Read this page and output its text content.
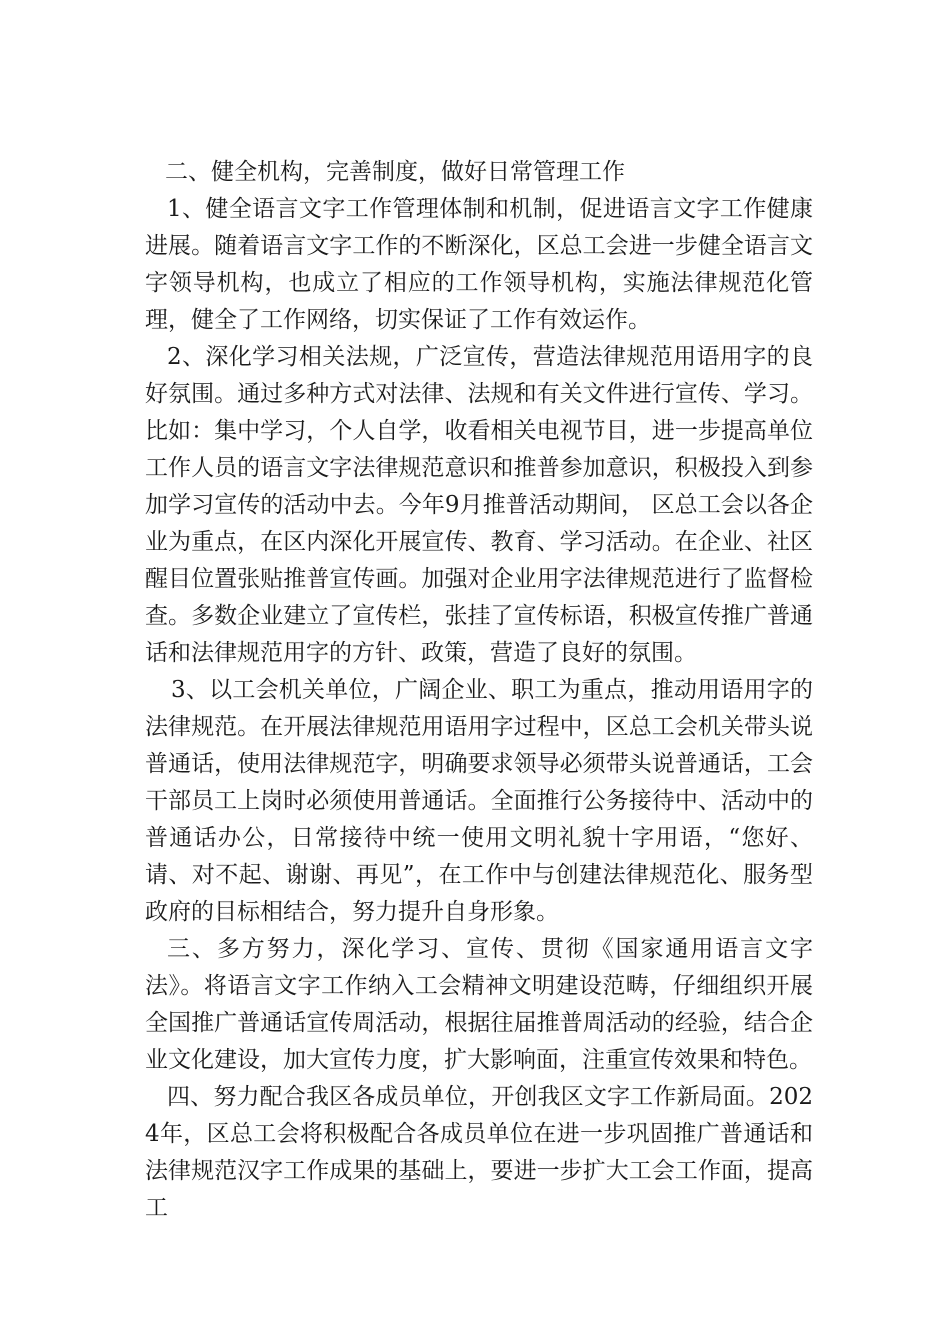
二、健全机构，完善制度，做好日常管理工作

1、健全语言文字工作管理体制和机制，促进语言文字工作健康进展。随着语言文字工作的不断深化，区总工会进一步健全语言文字领导机构，也成立了相应的工作领导机构，实施法律规范化管理，健全了工作网络，切实保证了工作有效运作。

2、深化学习相关法规，广泛宣传，营造法律规范用语用字的良好氛围。通过多种方式对法律、法规和有关文件进行宣传、学习。比如：集中学习，个人自学，收看相关电视节目，进一步提高单位工作人员的语言文字法律规范意识和推普参加意识，积极投入到参加学习宣传的活动中去。今年9月推普活动期间， 区总工会以各企业为重点，在区内深化开展宣传、教育、学习活动。在企业、社区醒目位置张贴推普宣传画。加强对企业用字法律规范进行了监督检查。多数企业建立了宣传栏，张挂了宣传标语，积极宣传推广普通话和法律规范用字的方针、政策，营造了良好的氛围。

3、以工会机关单位，广阔企业、职工为重点，推动用语用字的法律规范。在开展法律规范用语用字过程中，区总工会机关带头说普通话，使用法律规范字，明确要求领导必须带头说普通话，工会干部员工上岗时必须使用普通话。全面推行公务接待中、活动中的普通话办公，日常接待中统一使用文明礼貌十字用语，“您好、请、对不起、谢谢、再见”，在工作中与创建法律规范化、服务型政府的目标相结合，努力提升自身形象。

三、多方努力，深化学习、宣传、贯彻《国家通用语言文字法》。将语言文字工作纳入工会精神文明建设范畴，仔细组织开展全国推广普通话宣传周活动，根据往届推普周活动的经验，结合企业文化建设，加大宣传力度，扩大影响面，注重宣传效果和特色。

四、努力配合我区各成员单位，开创我区文字工作新局面。2024年，区总工会将积极配合各成员单位在进一步巩固推广普通话和法律规范汉字工作成果的基础上，要进一步扩大工会工作面，提高工
